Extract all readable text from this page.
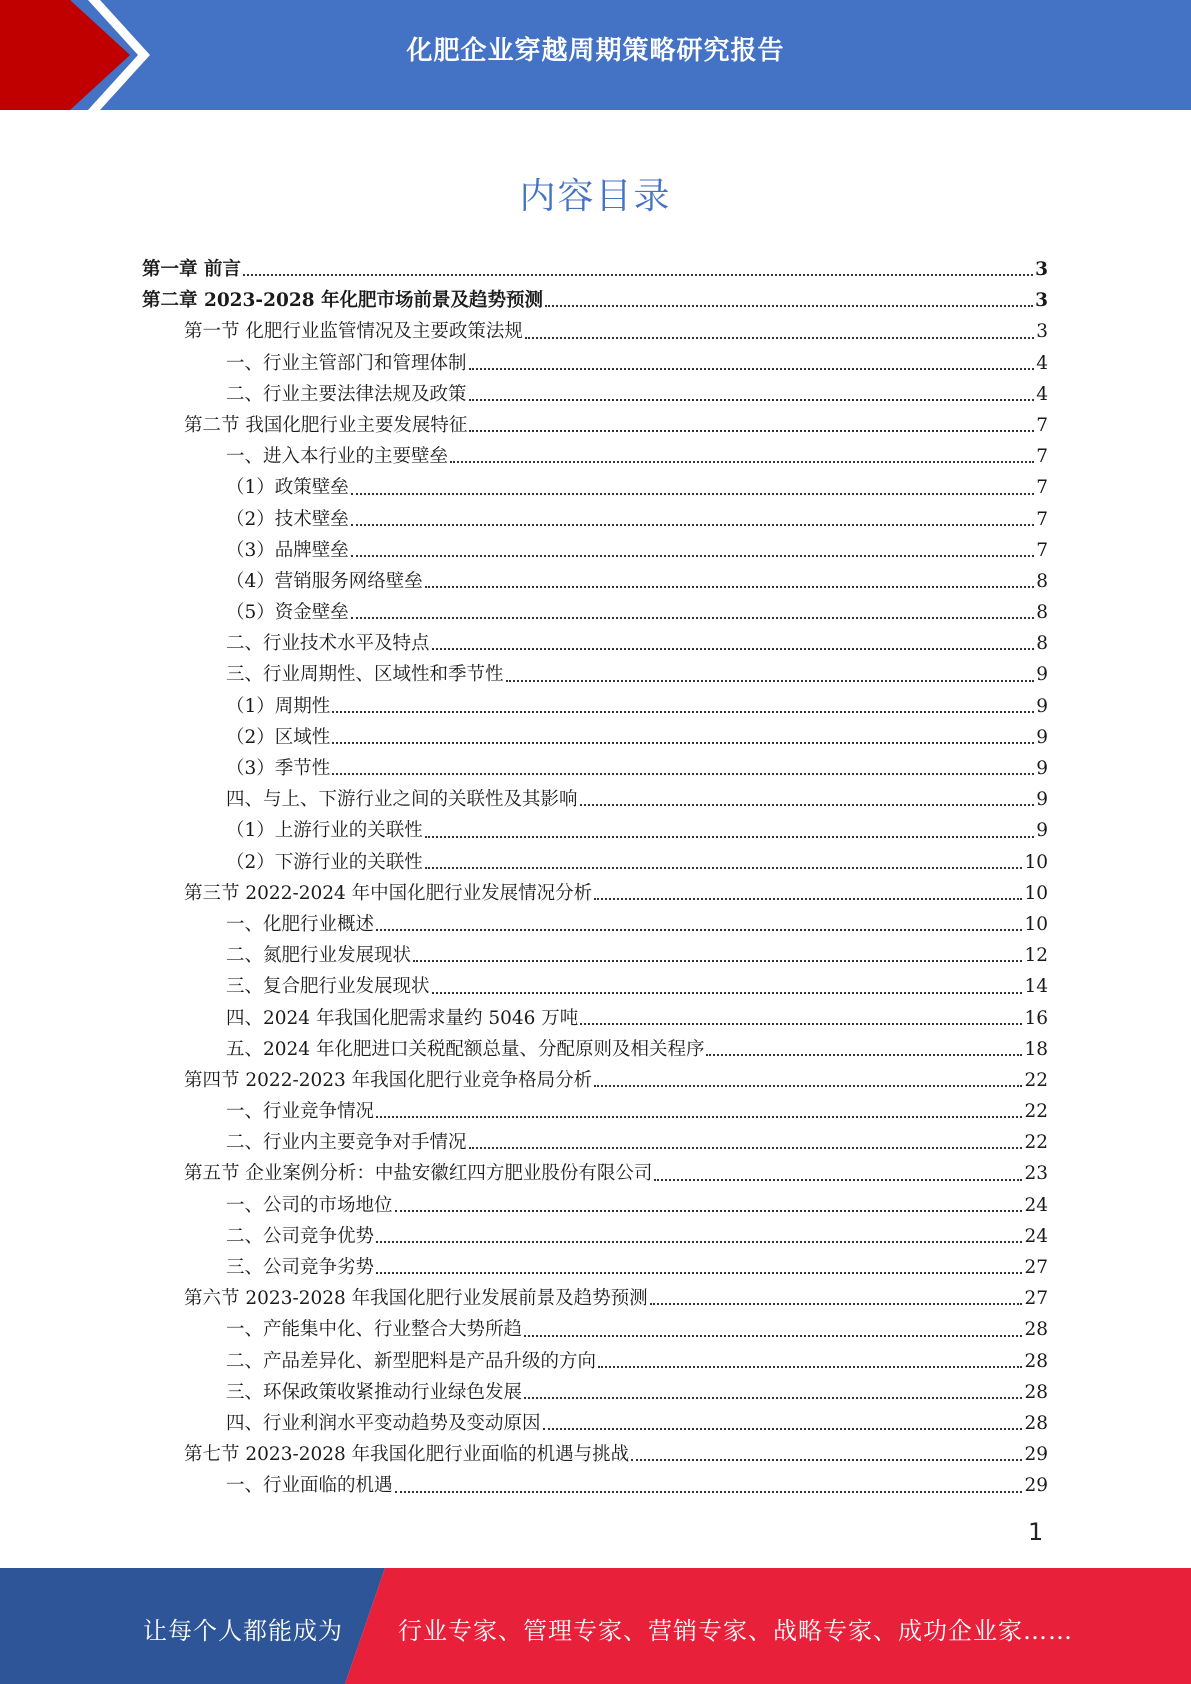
化肥企业穿越周期策略研究报告
内容目录
第一章 前言	3
第二章 2023-2028 年化肥市场前景及趋势预测	3
第一节 化肥行业监管情况及主要政策法规	3
一、行业主管部门和管理体制	4
二、行业主要法律法规及政策	4
第二节 我国化肥行业主要发展特征	7
一、进入本行业的主要壁垒	7
（1）政策壁垒	7
（2）技术壁垒	7
（3）品牌壁垒	7
（4）营销服务网络壁垒	8
（5）资金壁垒	8
二、行业技术水平及特点	8
三、行业周期性、区域性和季节性	9
（1）周期性	9
（2）区域性	9
（3）季节性	9
四、与上、下游行业之间的关联性及其影响	9
（1）上游行业的关联性	9
（2）下游行业的关联性	10
第三节 2022-2024 年中国化肥行业发展情况分析	10
一、化肥行业概述	10
二、氮肥行业发展现状	12
三、复合肥行业发展现状	14
四、2024 年我国化肥需求量约 5046 万吨	16
五、2024 年化肥进口关税配额总量、分配原则及相关程序	18
第四节 2022-2023 年我国化肥行业竞争格局分析	22
一、行业竞争情况	22
二、行业内主要竞争对手情况	22
第五节 企业案例分析：中盐安徽红四方肥业股份有限公司	23
一、公司的市场地位	24
二、公司竞争优势	24
三、公司竞争劣势	27
第六节 2023-2028 年我国化肥行业发展前景及趋势预测	27
一、产能集中化、行业整合大势所趋	28
二、产品差异化、新型肥料是产品升级的方向	28
三、环保政策收紧推动行业绿色发展	28
四、行业利润水平变动趋势及变动原因	28
第七节 2023-2028 年我国化肥行业面临的机遇与挑战	29
一、行业面临的机遇	29
1
让每个人都能成为 行业专家、管理专家、营销专家、战略专家、成功企业家……
